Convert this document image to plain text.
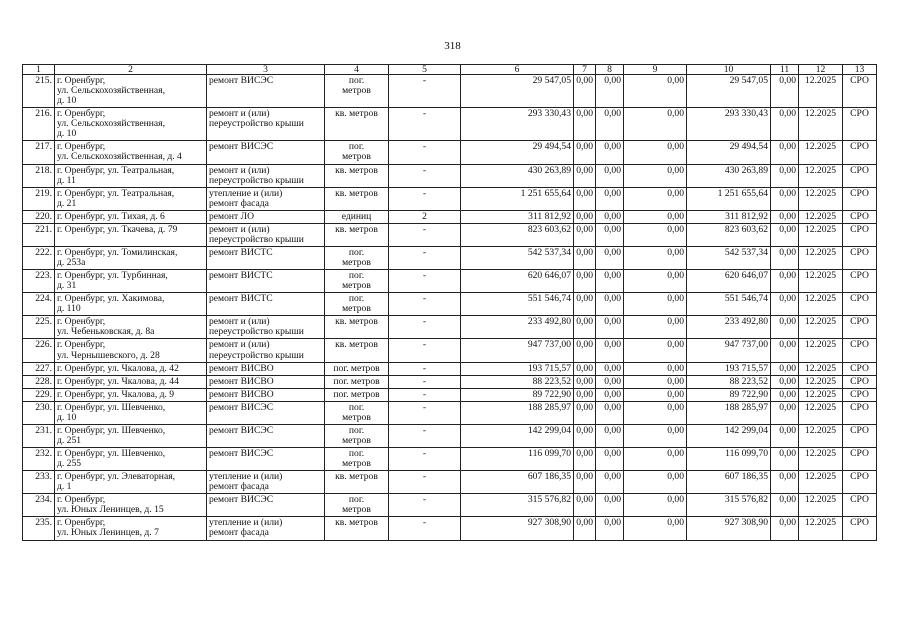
318
1	2	3	4	5	6	7	8	9	10	11	12	13
215.	г. Оренбург,
ул. Сельскохозяйственная,
д. 10	ремонт ВИСЭС	пог.
метров	-	29 547,05	0,00	0,00	0,00	29 547,05	0,00	12.2025	СРО
216.	г. Оренбург,
ул. Сельскохозяйственная,
д. 10	ремонт и (или)
переустройство крыши	кв. метров	-	293 330,43	0,00	0,00	0,00	293 330,43	0,00	12.2025	СРО
217.	г. Оренбург,
ул. Сельскохозяйственная, д. 4	ремонт ВИСЭС	пог.
метров	-	29 494,54	0,00	0,00	0,00	29 494,54	0,00	12.2025	СРО
218.	г. Оренбург, ул. Театральная,
д. 11	ремонт и (или)
переустройство крыши	кв. метров	-	430 263,89	0,00	0,00	0,00	430 263,89	0,00	12.2025	СРО
219.	г. Оренбург, ул. Театральная,
д. 21	утепление и (или)
ремонт фасада	кв. метров	-	1 251 655,64	0,00	0,00	0,00	1 251 655,64	0,00	12.2025	СРО
220.	г. Оренбург, ул. Тихая, д. 6	ремонт ЛО	единиц	2	311 812,92	0,00	0,00	0,00	311 812,92	0,00	12.2025	СРО
221.	г. Оренбург, ул. Ткачева, д. 79	ремонт и (или)
переустройство крыши	кв. метров	-	823 603,62	0,00	0,00	0,00	823 603,62	0,00	12.2025	СРО
222.	г. Оренбург, ул. Томилинская,
д. 253а	ремонт ВИСТС	пог.
метров	-	542 537,34	0,00	0,00	0,00	542 537,34	0,00	12.2025	СРО
223.	г. Оренбург, ул. Турбинная,
д. 31	ремонт ВИСТС	пог.
метров	-	620 646,07	0,00	0,00	0,00	620 646,07	0,00	12.2025	СРО
224.	г. Оренбург, ул. Хакимова,
д. 110	ремонт ВИСТС	пог.
метров	-	551 546,74	0,00	0,00	0,00	551 546,74	0,00	12.2025	СРО
225.	г. Оренбург,
ул. Чебеньковская, д. 8а	ремонт и (или)
переустройство крыши	кв. метров	-	233 492,80	0,00	0,00	0,00	233 492,80	0,00	12.2025	СРО
226.	г. Оренбург,
ул. Чернышевского, д. 28	ремонт и (или)
переустройство крыши	кв. метров	-	947 737,00	0,00	0,00	0,00	947 737,00	0,00	12.2025	СРО
227.	г. Оренбург, ул. Чкалова, д. 42	ремонт ВИСВО	пог. метров	-	193 715,57	0,00	0,00	0,00	193 715,57	0,00	12.2025	СРО
228.	г. Оренбург, ул. Чкалова, д. 44	ремонт ВИСВО	пог. метров	-	88 223,52	0,00	0,00	0,00	88 223,52	0,00	12.2025	СРО
229.	г. Оренбург, ул. Чкалова, д. 9	ремонт ВИСВО	пог. метров	-	89 722,90	0,00	0,00	0,00	89 722,90	0,00	12.2025	СРО
230.	г. Оренбург, ул. Шевченко,
д. 10	ремонт ВИСЭС	пог.
метров	-	188 285,97	0,00	0,00	0,00	188 285,97	0,00	12.2025	СРО
231.	г. Оренбург, ул. Шевченко,
д. 251	ремонт ВИСЭС	пог.
метров	-	142 299,04	0,00	0,00	0,00	142 299,04	0,00	12.2025	СРО
232.	г. Оренбург, ул. Шевченко,
д. 255	ремонт ВИСЭС	пог.
метров	-	116 099,70	0,00	0,00	0,00	116 099,70	0,00	12.2025	СРО
233.	г. Оренбург, ул. Элеваторная,
д. 1	утепление и (или)
ремонт фасада	кв. метров	-	607 186,35	0,00	0,00	0,00	607 186,35	0,00	12.2025	СРО
234.	г. Оренбург,
ул. Юных Ленинцев, д. 15	ремонт ВИСЭС	пог.
метров	-	315 576,82	0,00	0,00	0,00	315 576,82	0,00	12.2025	СРО
235.	г. Оренбург,
ул. Юных Ленинцев, д. 7	утепление и (или)
ремонт фасада	кв. метров	-	927 308,90	0,00	0,00	0,00	927 308,90	0,00	12.2025	СРО
